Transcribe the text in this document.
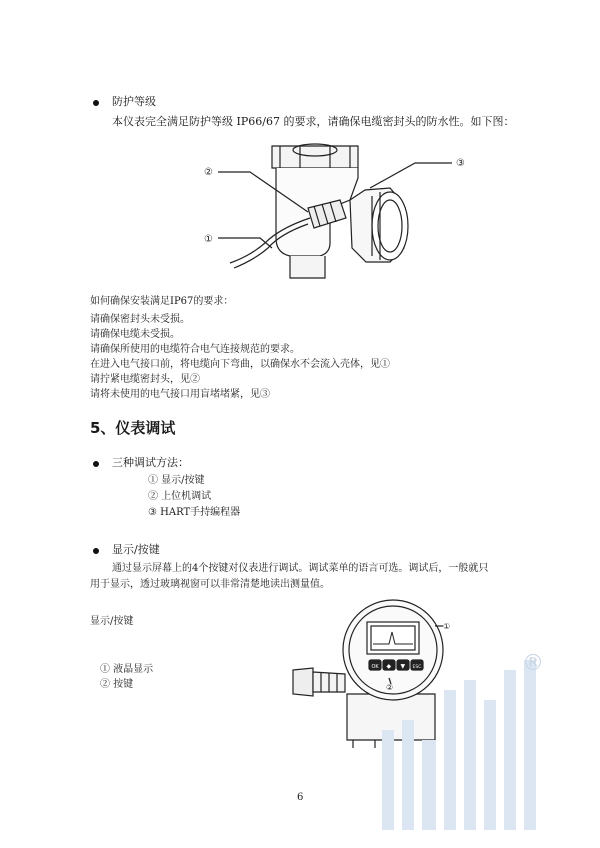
防护等级
本仪表完全满足防护等级 IP66/67 的要求，请确保电缆密封头的防水性。如下图：
②
③
①
如何确保安装满足IP67的要求：
请确保密封头未受损。
请确保电缆未受损。
请确保所使用的电缆符合电气连接规范的要求。
在进入电气接口前，将电缆向下弯曲，以确保水不会流入壳体，见①
请拧紧电缆密封头，见②
请将未使用的电气接口用盲堵堵紧，见③
5、仪表调试
三种调试方法：
① 显示/按键
② 上位机调试
③ HART手持编程器
显示/按键
通过显示屏幕上的4个按键对仪表进行调试。调试菜单的语言可选。调试后，一般就只
用于显示，透过玻璃视窗可以非常清楚地读出测量值。
显示/按键
① 液晶显示
② 按键
OK ◆ ▼ ESC
①
②
®
6
